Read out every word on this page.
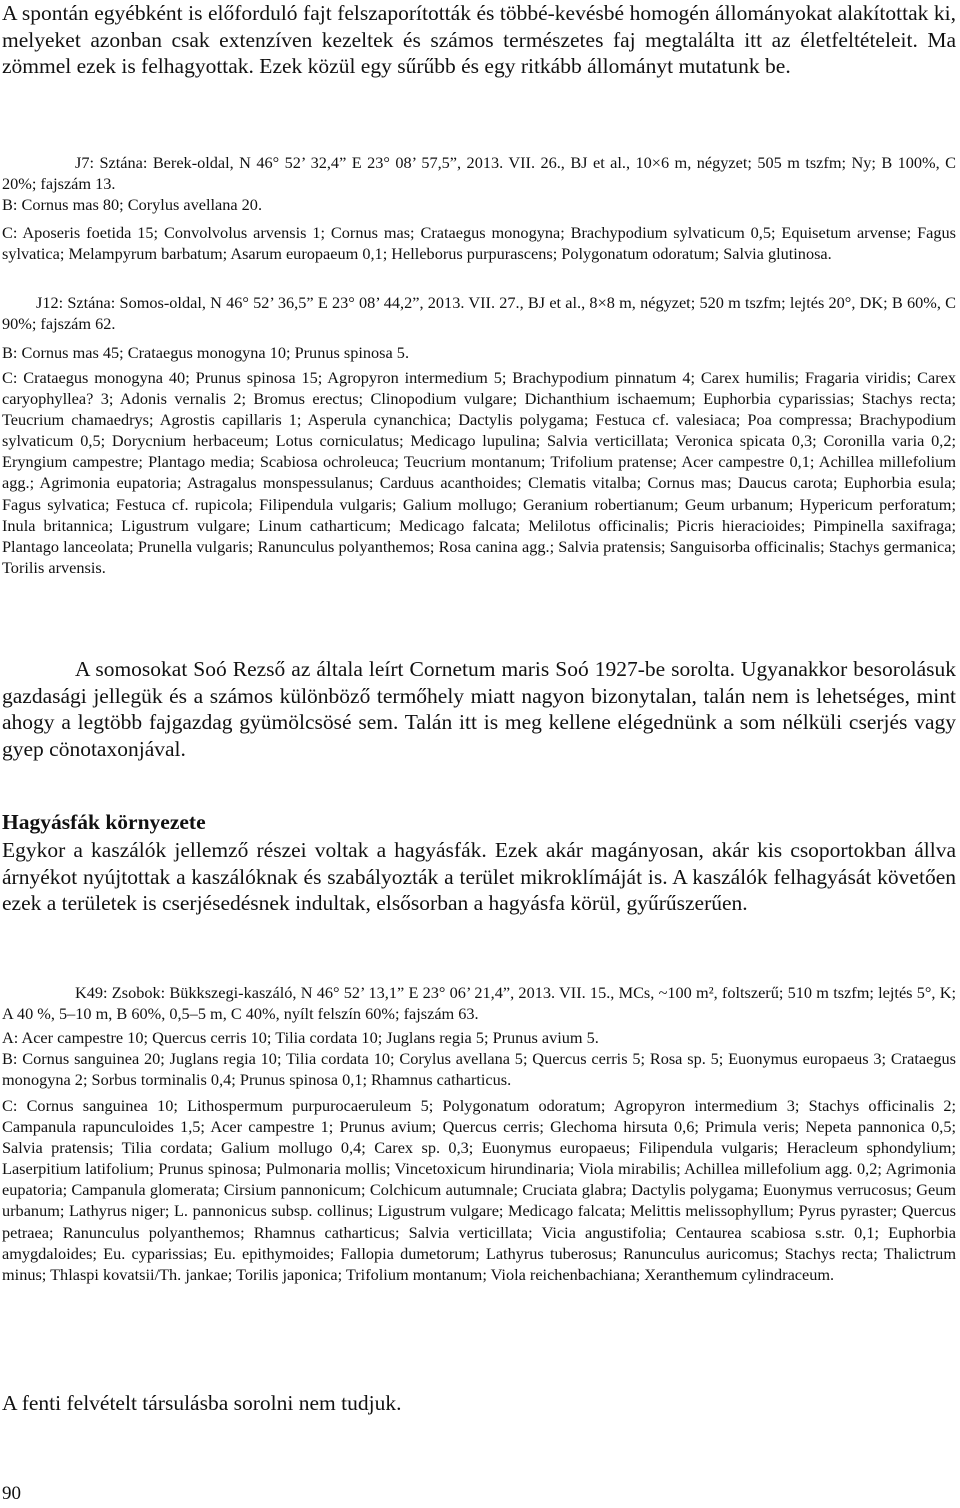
A spontán egyébként is előforduló fajt felszaporították és többé-kevésbé homogén állományokat alakítottak ki, melyeket azonban csak extenzíven kezeltek és számos természetes faj megtalálta itt az életfeltételeit. Ma zömmel ezek is felhagyottak. Ezek közül egy sűrűbb és egy ritkább állományt mutatunk be.

J7: Sztána: Berek-oldal, N 46° 52’ 32,4” E 23° 08’ 57,5”, 2013. VII. 26., BJ et al., 10×6 m, négyzet; 505 m tszfm; Ny; B 100%, C 20%; fajszám 13.

B: Cornus mas 80; Corylus avellana 20.

C: Aposeris foetida 15; Convolvolus arvensis 1; Cornus mas; Crataegus monogyna; Brachypodium sylvaticum 0,5; Equisetum arvense; Fagus sylvatica; Melampyrum barbatum; Asarum europaeum 0,1; Helleborus purpurascens; Polygonatum odoratum; Salvia glutinosa.

J12: Sztána: Somos-oldal, N 46° 52’ 36,5” E 23° 08’ 44,2”, 2013. VII. 27., BJ et al., 8×8 m, négyzet; 520 m tszfm; lejtés 20°, DK; B 60%, C 90%; fajszám 62.

B: Cornus mas 45; Crataegus monogyna 10; Prunus spinosa 5.

C: Crataegus monogyna 40; Prunus spinosa 15; Agropyron intermedium 5; Brachypodium pinnatum 4; Carex humilis; Fragaria viridis; Carex caryophyllea? 3; Adonis vernalis 2; Bromus erectus; Clinopodium vulgare; Dichanthium ischaemum; Euphorbia cyparissias; Stachys recta; Teucrium chamaedrys; Agrostis capillaris 1; Asperula cynanchica; Dactylis polygama; Festuca cf. valesiaca; Poa compressa; Brachypodium sylvaticum 0,5; Dorycnium herbaceum; Lotus corniculatus; Medicago lupulina; Salvia verticillata; Veronica spicata 0,3; Coronilla varia 0,2; Eryngium campestre; Plantago media; Scabiosa ochroleuca; Teucrium montanum; Trifolium pratense; Acer campestre 0,1; Achillea millefolium agg.; Agrimonia eupatoria; Astragalus monspessulanus; Carduus acanthoides; Clematis vitalba; Cornus mas; Daucus carota; Euphorbia esula; Fagus sylvatica; Festuca cf. rupicola; Filipendula vulgaris; Galium mollugo; Geranium robertianum; Geum urbanum; Hypericum perforatum; Inula britannica; Ligustrum vulgare; Linum catharticum; Medicago falcata; Melilotus officinalis; Picris hieracioides; Pimpinella saxifraga; Plantago lanceolata; Prunella vulgaris; Ranunculus polyanthemos; Rosa canina agg.; Salvia pratensis; Sanguisorba officinalis; Stachys germanica; Torilis arvensis.

A somosokat Soó Rezső az általa leírt Cornetum maris Soó 1927-be sorolta. Ugyanakkor besorolásuk gazdasági jellegük és a számos különböző termőhely miatt nagyon bizonytalan, talán nem is lehetséges, mint ahogy a legtöbb fajgazdag gyümölcsösé sem. Talán itt is meg kellene elégednünk a som nélküli cserjés vagy gyep cönotaxonjával.

Hagyásfák környezete

Egykor a kaszálók jellemző részei voltak a hagyásfák. Ezek akár magányosan, akár kis csoportokban állva árnyékot nyújtottak a kaszálóknak és szabályozták a terület mikroklímáját is. A kaszálók felhagyását követően ezek a területek is cserjésedésnek indultak, elsősorban a hagyásfa körül, gyűrűszerűen.

K49: Zsobok: Bükkszegi-kaszáló, N 46° 52’ 13,1” E 23° 06’ 21,4”, 2013. VII. 15., MCs, ~100 m², foltszerű; 510 m tszfm; lejtés 5°, K; A 40 %, 5–10 m, B 60%, 0,5–5 m, C 40%, nyílt felszín 60%; fajszám 63.

A: Acer campestre 10; Quercus cerris 10; Tilia cordata 10; Juglans regia 5; Prunus avium 5.

B: Cornus sanguinea 20; Juglans regia 10; Tilia cordata 10; Corylus avellana 5; Quercus cerris 5; Rosa sp. 5; Euonymus europaeus 3; Crataegus monogyna 2; Sorbus torminalis 0,4; Prunus spinosa 0,1; Rhamnus catharticus.

C: Cornus sanguinea 10; Lithospermum purpurocaeruleum 5; Polygonatum odoratum; Agropyron intermedium 3; Stachys officinalis 2; Campanula rapunculoides 1,5; Acer campestre 1; Prunus avium; Quercus cerris; Glechoma hirsuta 0,6; Primula veris; Nepeta pannonica 0,5; Salvia pratensis; Tilia cordata; Galium mollugo 0,4; Carex sp. 0,3; Euonymus europaeus; Filipendula vulgaris; Heracleum sphondylium; Laserpitium latifolium; Prunus spinosa; Pulmonaria mollis; Vincetoxicum hirundinaria; Viola mirabilis; Achillea millefolium agg. 0,2; Agrimonia eupatoria; Campanula glomerata; Cirsium pannonicum; Colchicum autumnale; Cruciata glabra; Dactylis polygama; Euonymus verrucosus; Geum urbanum; Lathyrus niger; L. pannonicus subsp. collinus; Ligustrum vulgare; Medicago falcata; Melittis melissophyllum; Pyrus pyraster; Quercus petraea; Ranunculus polyanthemos; Rhamnus catharticus; Salvia verticillata; Vicia angustifolia; Centaurea scabiosa s.str. 0,1; Euphorbia amygdaloides; Eu. cyparissias; Eu. epithymoides; Fallopia dumetorum; Lathyrus tuberosus; Ranunculus auricomus; Stachys recta; Thalictrum minus; Thlaspi kovatsii/Th. jankae; Torilis japonica; Trifolium montanum; Viola reichenbachiana; Xeranthemum cylindraceum.

A fenti felvételt társulásba sorolni nem tudjuk.

90
